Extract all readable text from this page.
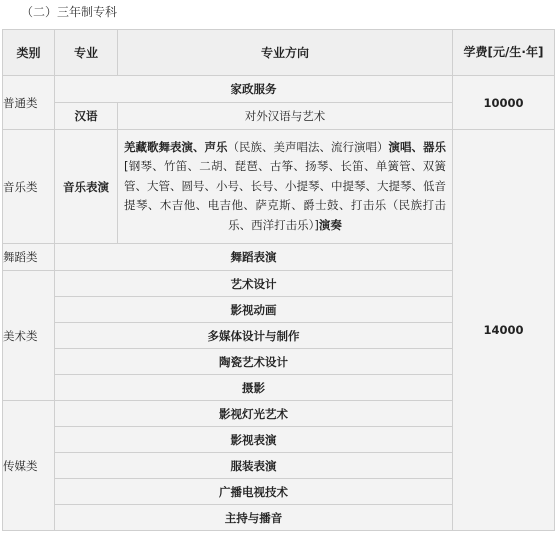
（二）三年制专科
类别	专业	专业方向	学费[元/生·年]

普通类	家政服务		10000
	汉语	对外汉语与艺术	
音乐类	音乐表演	羌藏歌舞表演、声乐（民族、美声唱法、流行演唱）演唱、器乐[钢琴、竹笛、二胡、琵琶、古筝、扬琴、长笛、单簧管、双簧管、大管、圆号、小号、长号、小提琴、中提琴、大提琴、低音提琴、木吉他、电吉他、萨克斯、爵士鼓、打击乐（民族打击乐、西洋打击乐）]演奏	14000
舞蹈类	舞蹈表演		
美术类	艺术设计		
	影视动画		
	多媒体设计与制作		
	陶瓷艺术设计		
	摄影		
传媒类	影视灯光艺术		
	影视表演		
	服装表演		
	广播电视技术		
	主持与播音		
